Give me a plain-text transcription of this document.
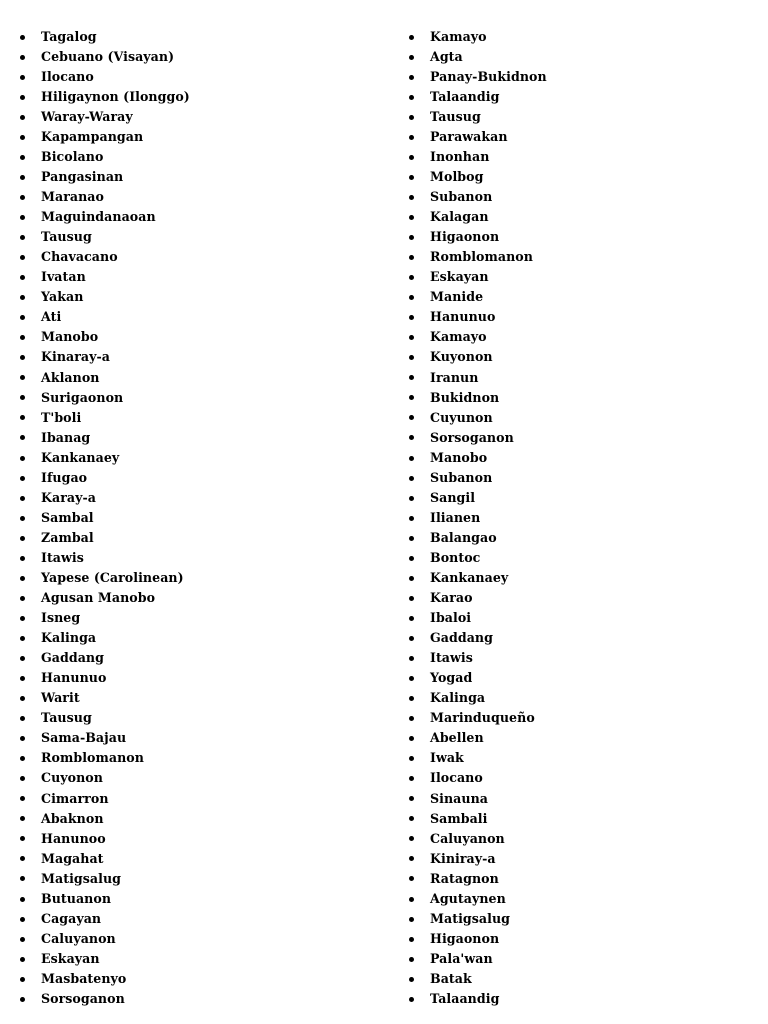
Tagalog
Cebuano (Visayan)
Ilocano
Hiligaynon (Ilonggo)
Waray-Waray
Kapampangan
Bicolano
Pangasinan
Maranao
Maguindanaoan
Tausug
Chavacano
Ivatan
Yakan
Ati
Manobo
Kinaray-a
Aklanon
Surigaonon
T'boli
Ibanag
Kankanaey
Ifugao
Karay-a
Sambal
Zambal
Itawis
Yapese (Carolinean)
Agusan Manobo
Isneg
Kalinga
Gaddang
Hanunuo
Warit
Tausug
Sama-Bajau
Romblomanon
Cuyonon
Cimarron
Abaknon
Hanunoo
Magahat
Matigsalug
Butuanon
Cagayan
Caluyanon
Eskayan
Masbatenyo
Sorsoganon
Kamayo
Agta
Panay-Bukidnon
Talaandig
Tausug
Parawakan
Inonhan
Molbog
Subanon
Kalagan
Higaonon
Romblomanon
Eskayan
Manide
Hanunuo
Kamayo
Kuyonon
Iranun
Bukidnon
Cuyunon
Sorsoganon
Manobo
Subanon
Sangil
Ilianen
Balangao
Bontoc
Kankanaey
Karao
Ibaloi
Gaddang
Itawis
Yogad
Kalinga
Marinduqueño
Abellen
Iwak
Ilocano
Sinauna
Sambali
Caluyanon
Kiniray-a
Ratagnon
Agutaynen
Matigsalug
Higaonon
Pala'wan
Batak
Talaandig
